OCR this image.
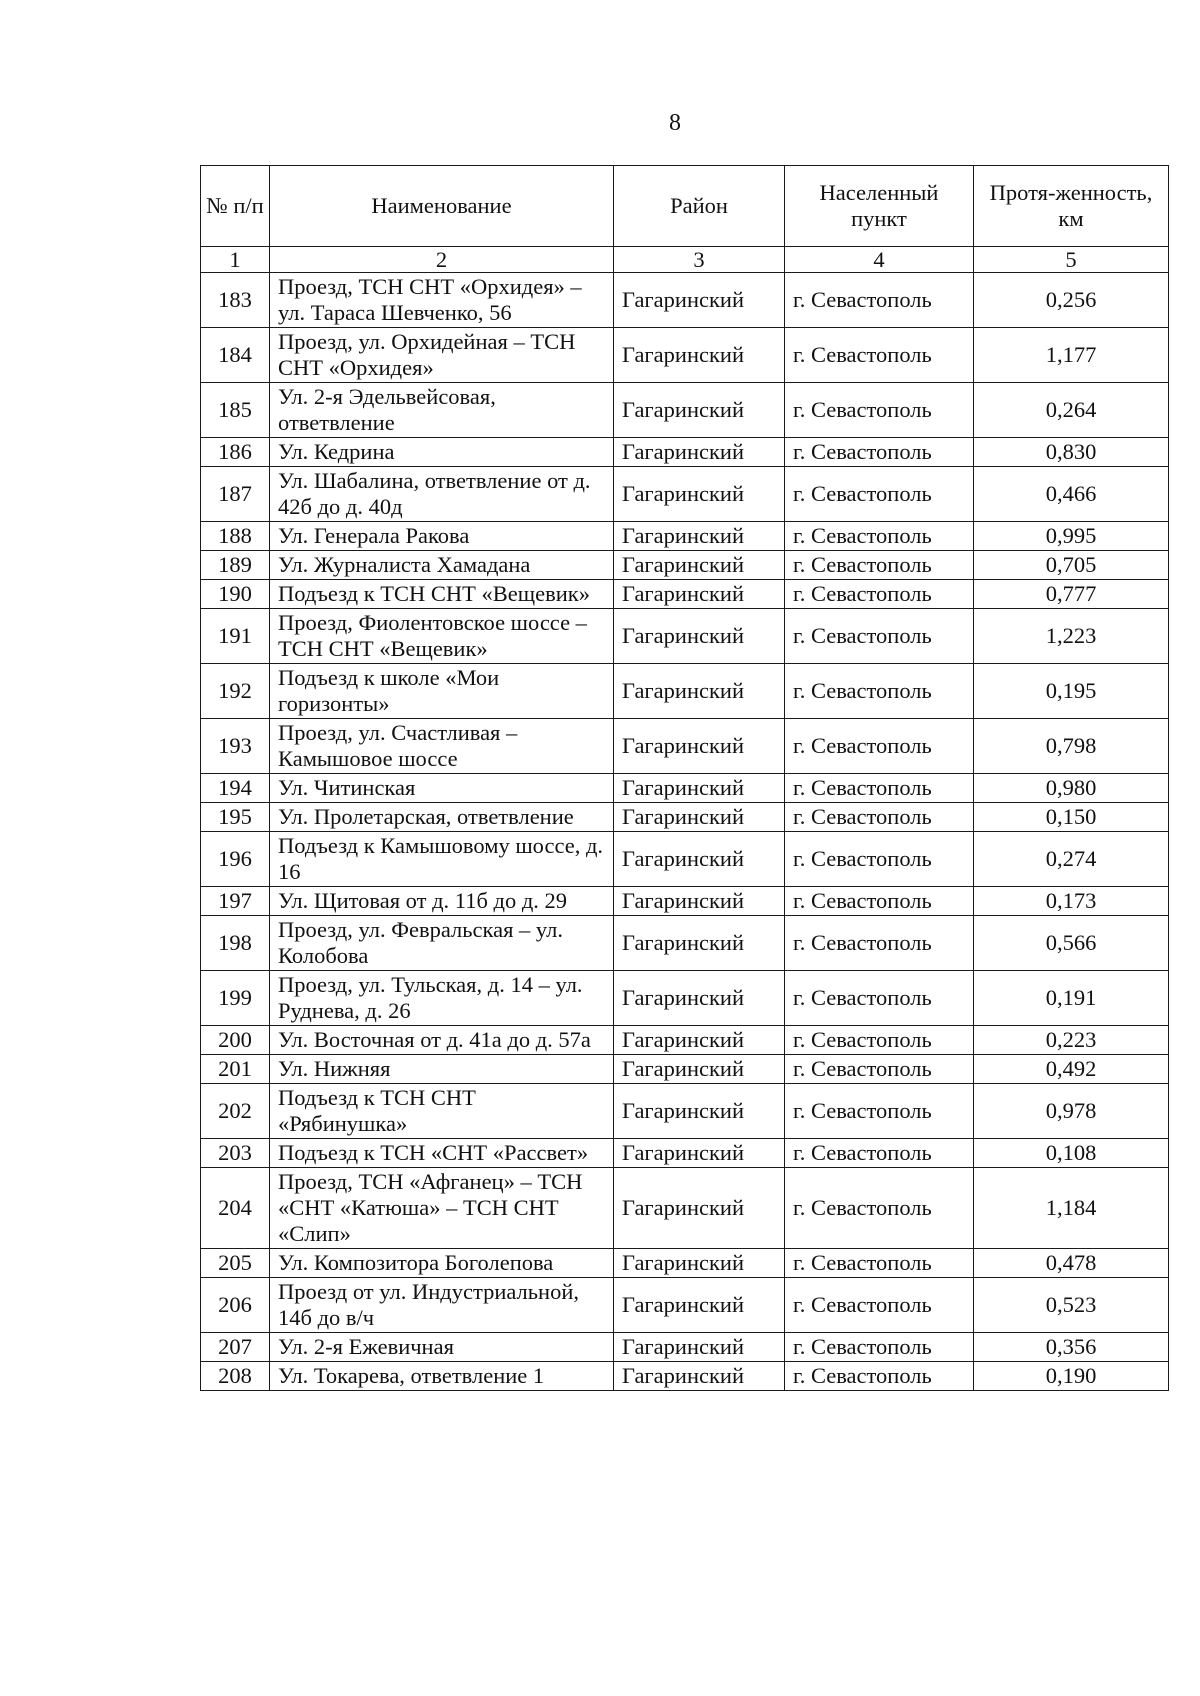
8
№ п/п	Наименование	Район	Населенный пункт	Протя-женность, км
1	2	3	4	5
183	Проезд, ТСН СНТ «Орхидея» – ул. Тараса Шевченко, 56	Гагаринский	г. Севастополь	0,256
184	Проезд, ул. Орхидейная – ТСН СНТ «Орхидея»	Гагаринский	г. Севастополь	1,177
185	Ул. 2-я Эдельвейсовая, ответвление	Гагаринский	г. Севастополь	0,264
186	Ул. Кедрина	Гагаринский	г. Севастополь	0,830
187	Ул. Шабалина, ответвление от д. 42б до д. 40д	Гагаринский	г. Севастополь	0,466
188	Ул. Генерала Ракова	Гагаринский	г. Севастополь	0,995
189	Ул. Журналиста Хамадана	Гагаринский	г. Севастополь	0,705
190	Подъезд к ТСН СНТ «Вещевик»	Гагаринский	г. Севастополь	0,777
191	Проезд, Фиолентовское шоссе – ТСН СНТ «Вещевик»	Гагаринский	г. Севастополь	1,223
192	Подъезд к школе «Мои горизонты»	Гагаринский	г. Севастополь	0,195
193	Проезд, ул. Счастливая – Камышовое шоссе	Гагаринский	г. Севастополь	0,798
194	Ул. Читинская	Гагаринский	г. Севастополь	0,980
195	Ул. Пролетарская, ответвление	Гагаринский	г. Севастополь	0,150
196	Подъезд к Камышовому шоссе, д. 16	Гагаринский	г. Севастополь	0,274
197	Ул. Щитовая от д. 11б до д. 29	Гагаринский	г. Севастополь	0,173
198	Проезд, ул. Февральская – ул. Колобова	Гагаринский	г. Севастополь	0,566
199	Проезд, ул. Тульская, д. 14 – ул. Руднева, д. 26	Гагаринский	г. Севастополь	0,191
200	Ул. Восточная от д. 41а до д. 57а	Гагаринский	г. Севастополь	0,223
201	Ул. Нижняя	Гагаринский	г. Севастополь	0,492
202	Подъезд к ТСН СНТ «Рябинушка»	Гагаринский	г. Севастополь	0,978
203	Подъезд к ТСН «СНТ «Рассвет»	Гагаринский	г. Севастополь	0,108
204	Проезд, ТСН «Афганец» – ТСН «СНТ «Катюша» – ТСН СНТ «Слип»	Гагаринский	г. Севастополь	1,184
205	Ул. Композитора Боголепова	Гагаринский	г. Севастополь	0,478
206	Проезд от ул. Индустриальной, 14б до в/ч	Гагаринский	г. Севастополь	0,523
207	Ул. 2-я Ежевичная	Гагаринский	г. Севастополь	0,356
208	Ул. Токарева, ответвление 1	Гагаринский	г. Севастополь	0,190
